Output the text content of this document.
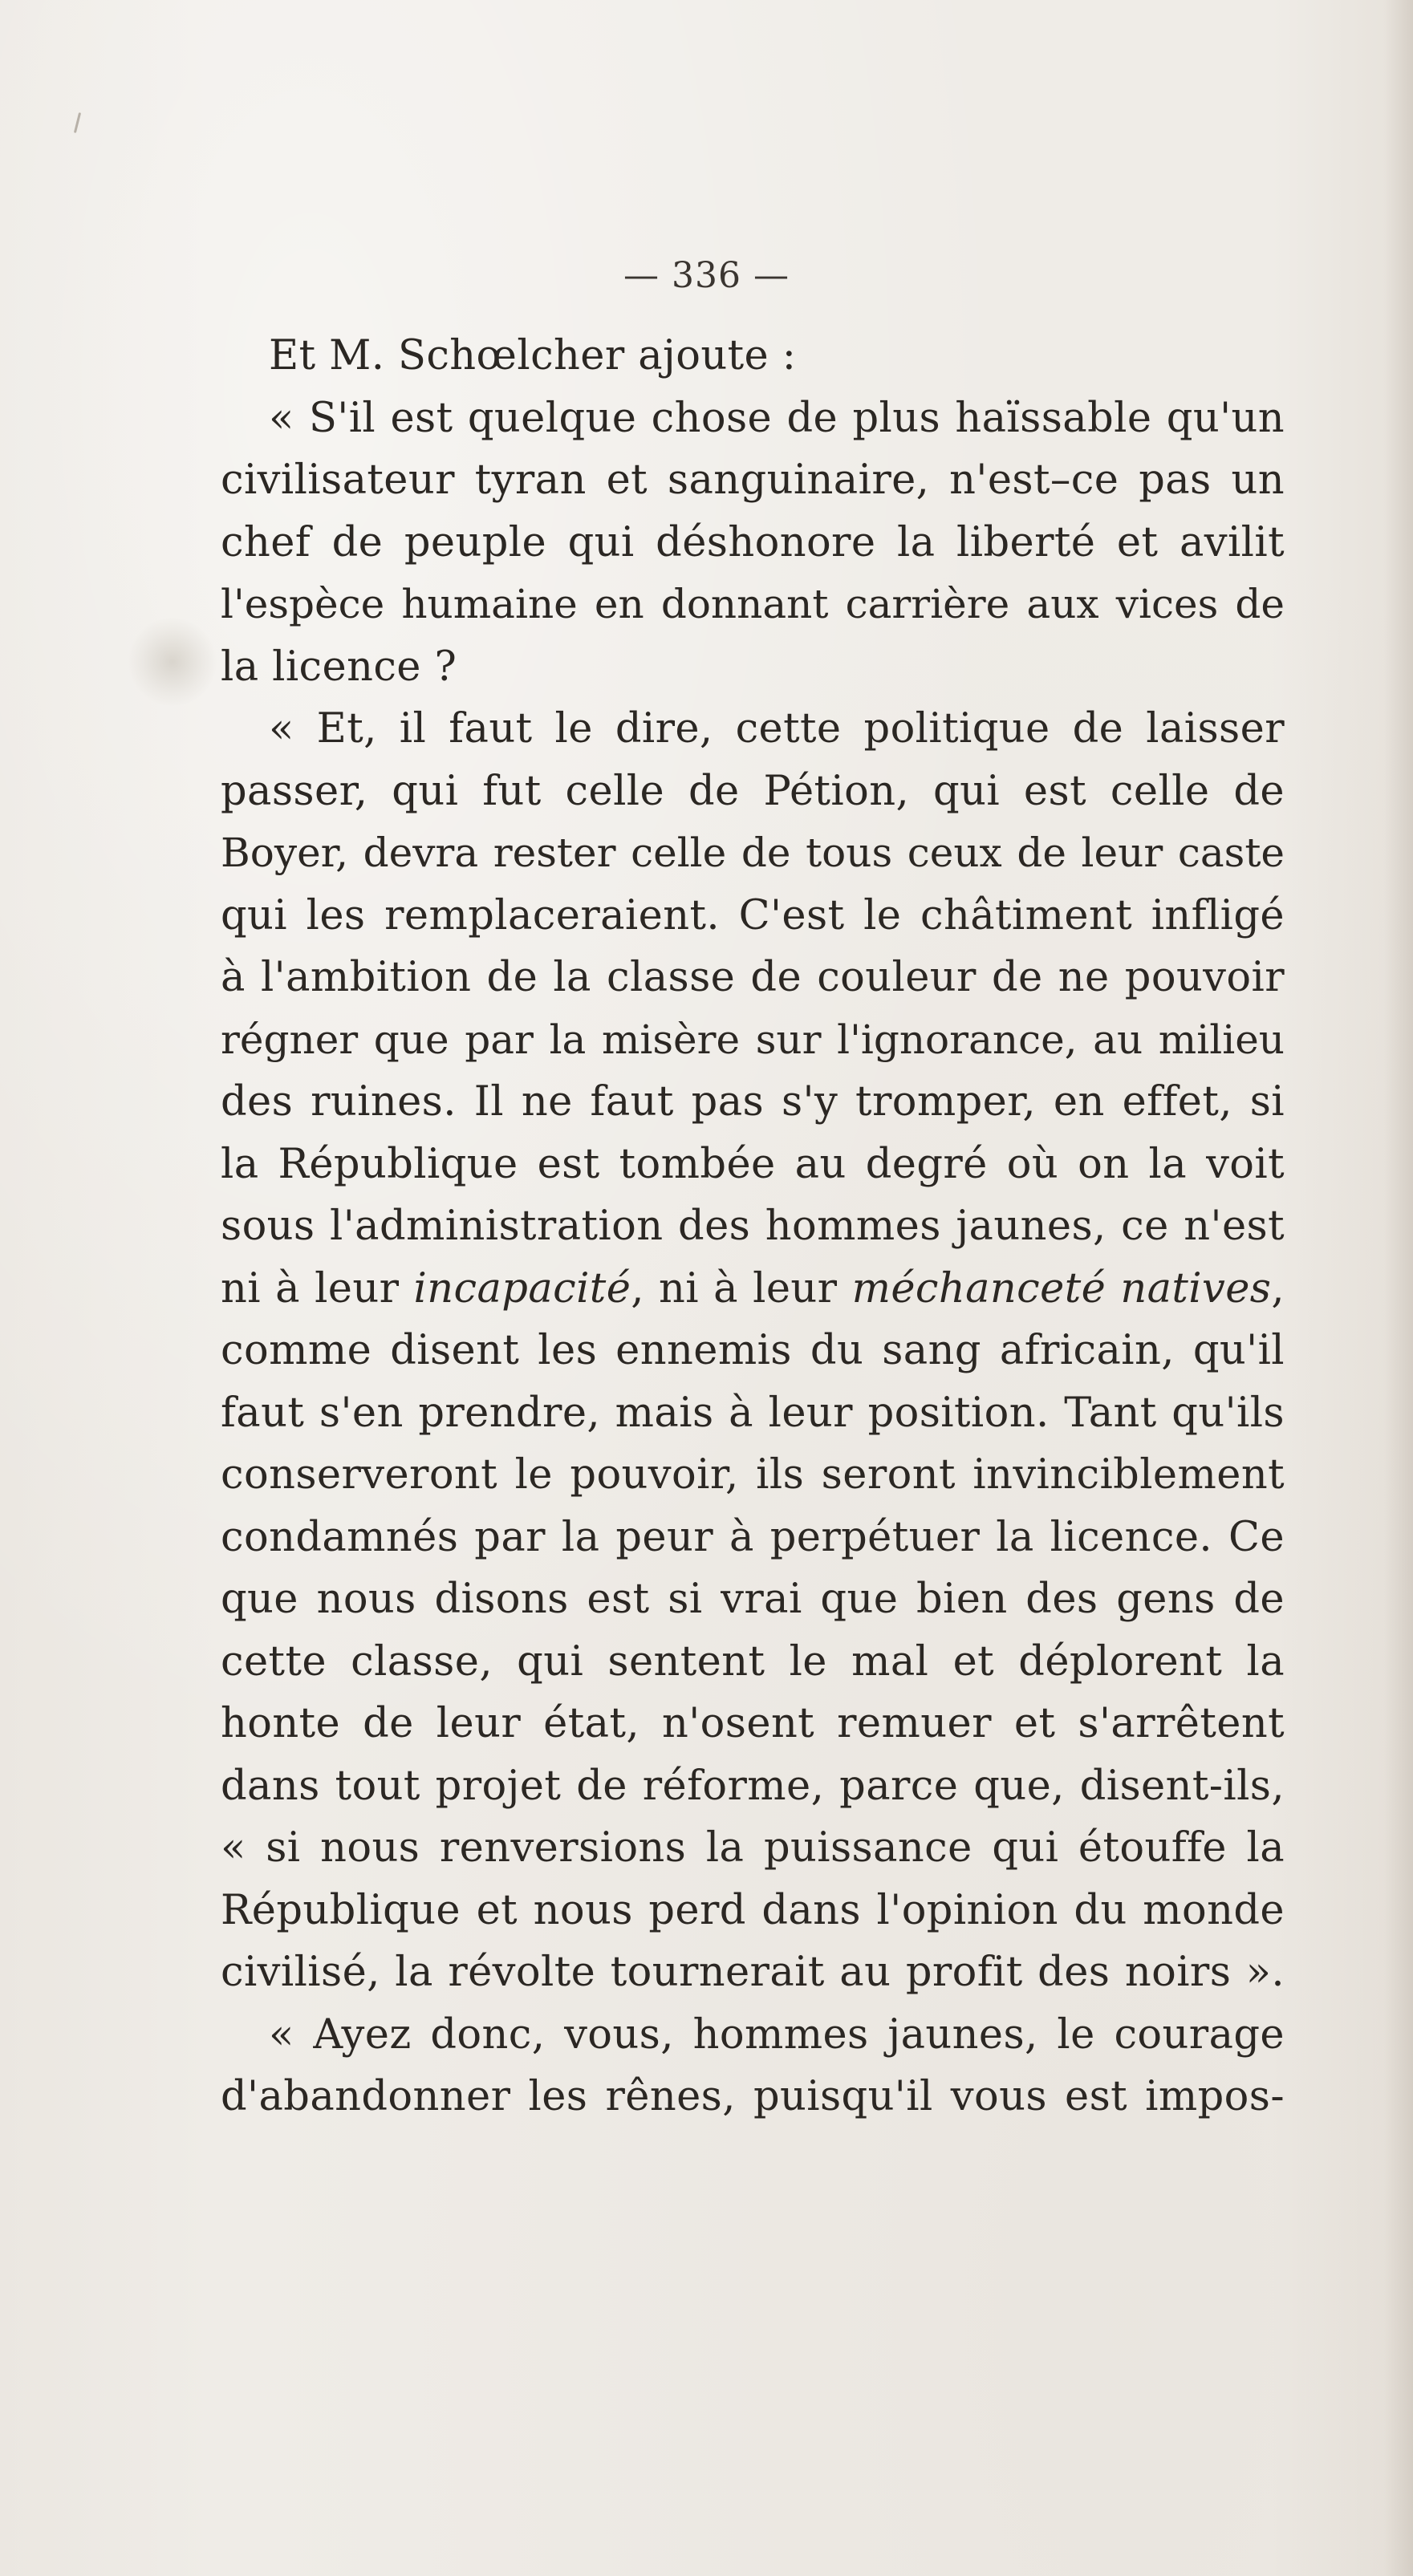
— 336 —
Et M. Schœlcher ajoute :
« S'il est quelque chose de plus haïssable qu'un
civilisateur tyran et sanguinaire, n'est–ce pas un
chef de peuple qui déshonore la liberté et avilit
l'espèce humaine en donnant carrière aux vices de
la licence ?
« Et, il faut le dire, cette politique de laisser
passer, qui fut celle de Pétion, qui est celle de
Boyer, devra rester celle de tous ceux de leur caste
qui les remplaceraient. C'est le châtiment infligé
à l'ambition de la classe de couleur de ne pouvoir
régner que par la misère sur l'ignorance, au milieu
des ruines. Il ne faut pas s'y tromper, en effet, si
la République est tombée au degré où on la voit
sous l'administration des hommes jaunes, ce n'est
ni à leur incapacité, ni à leur méchanceté natives,
comme disent les ennemis du sang africain, qu'il
faut s'en prendre, mais à leur position. Tant qu'ils
conserveront le pouvoir, ils seront invinciblement
condamnés par la peur à perpétuer la licence. Ce
que nous disons est si vrai que bien des gens de
cette classe, qui sentent le mal et déplorent la
honte de leur état, n'osent remuer et s'arrêtent
dans tout projet de réforme, parce que, disent-ils,
« si nous renversions la puissance qui étouffe la
République et nous perd dans l'opinion du monde
civilisé, la révolte tournerait au profit des noirs ».
« Ayez donc, vous, hommes jaunes, le courage
d'abandonner les rênes, puisqu'il vous est impos-
